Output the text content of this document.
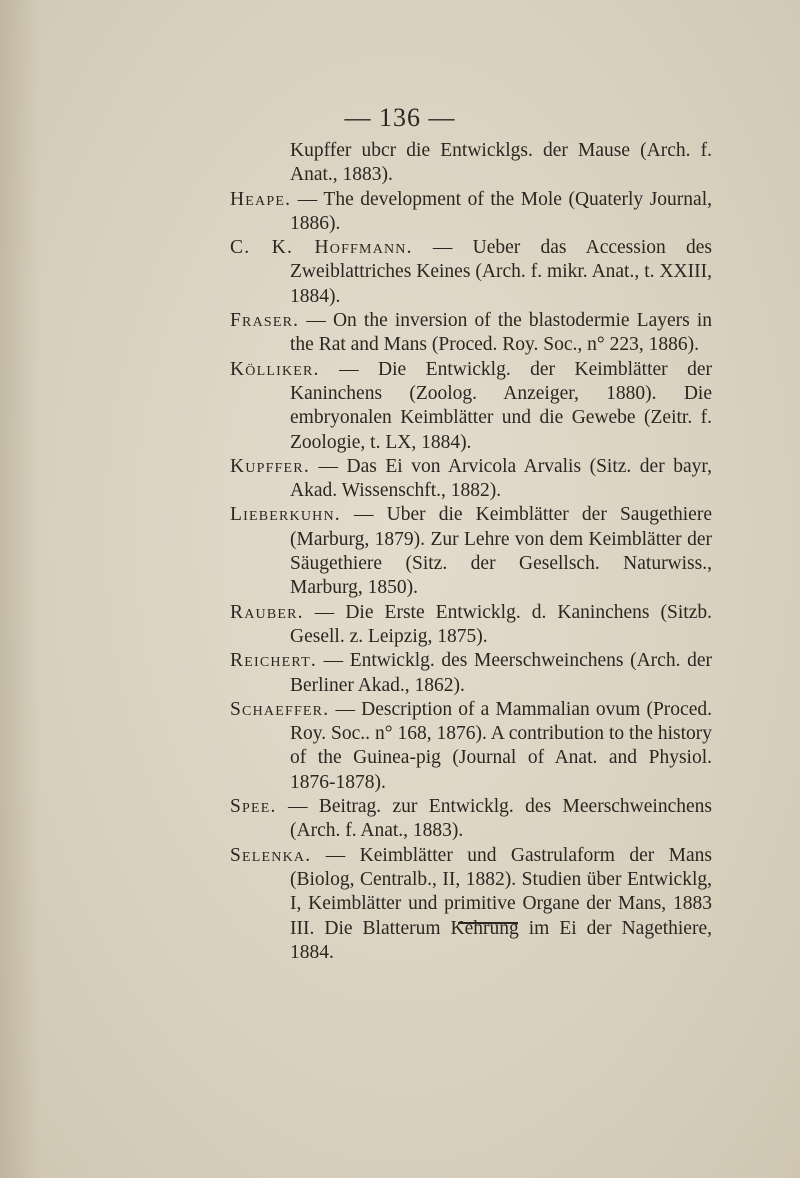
— 136 —

Kupffer ubcr die Entwicklgs. der Mause (Arch. f. Anat., 1883).

Heape. — The development of the Mole (Quaterly Journal, 1886).

C. K. Hoffmann. — Ueber das Accession des Zweiblattriches Keines (Arch. f. mikr. Anat., t. XXIII, 1884).

Fraser. — On the inversion of the blastodermie Layers in the Rat and Mans (Proced. Roy. Soc., n° 223, 1886).

Kölliker. — Die Entwicklg. der Keimblätter der Kaninchens (Zoolog. Anzeiger, 1880). Die embryonalen Keimblätter und die Gewebe (Zeitr. f. Zoologie, t. LX, 1884).

Kupffer. — Das Ei von Arvicola Arvalis (Sitz. der bayr, Akad. Wissenschft., 1882).

Lieberkuhn. — Uber die Keimblätter der Saugethiere (Marburg, 1879). Zur Lehre von dem Keimblätter der Säugethiere (Sitz. der Gesellsch. Naturwiss., Marburg, 1850).

Rauber. — Die Erste Entwicklg. d. Kaninchens (Sitzb. Gesell. z. Leipzig, 1875).

Reichert. — Entwicklg. des Meerschweinchens (Arch. der Berliner Akad., 1862).

Schaeffer. — Description of a Mammalian ovum (Proced. Roy. Soc.. n° 168, 1876). A contribution to the history of the Guinea-pig (Journal of Anat. and Physiol. 1876-1878).

Spee. — Beitrag. zur Entwicklg. des Meerschweinchens (Arch. f. Anat., 1883).

Selenka. — Keimblätter und Gastrulaform der Mans (Biolog, Centralb., II, 1882). Studien über Entwicklg, I, Keimblätter und primitive Organe der Mans, 1883 III. Die Blatterum Kehrung im Ei der Nagethiere, 1884.
